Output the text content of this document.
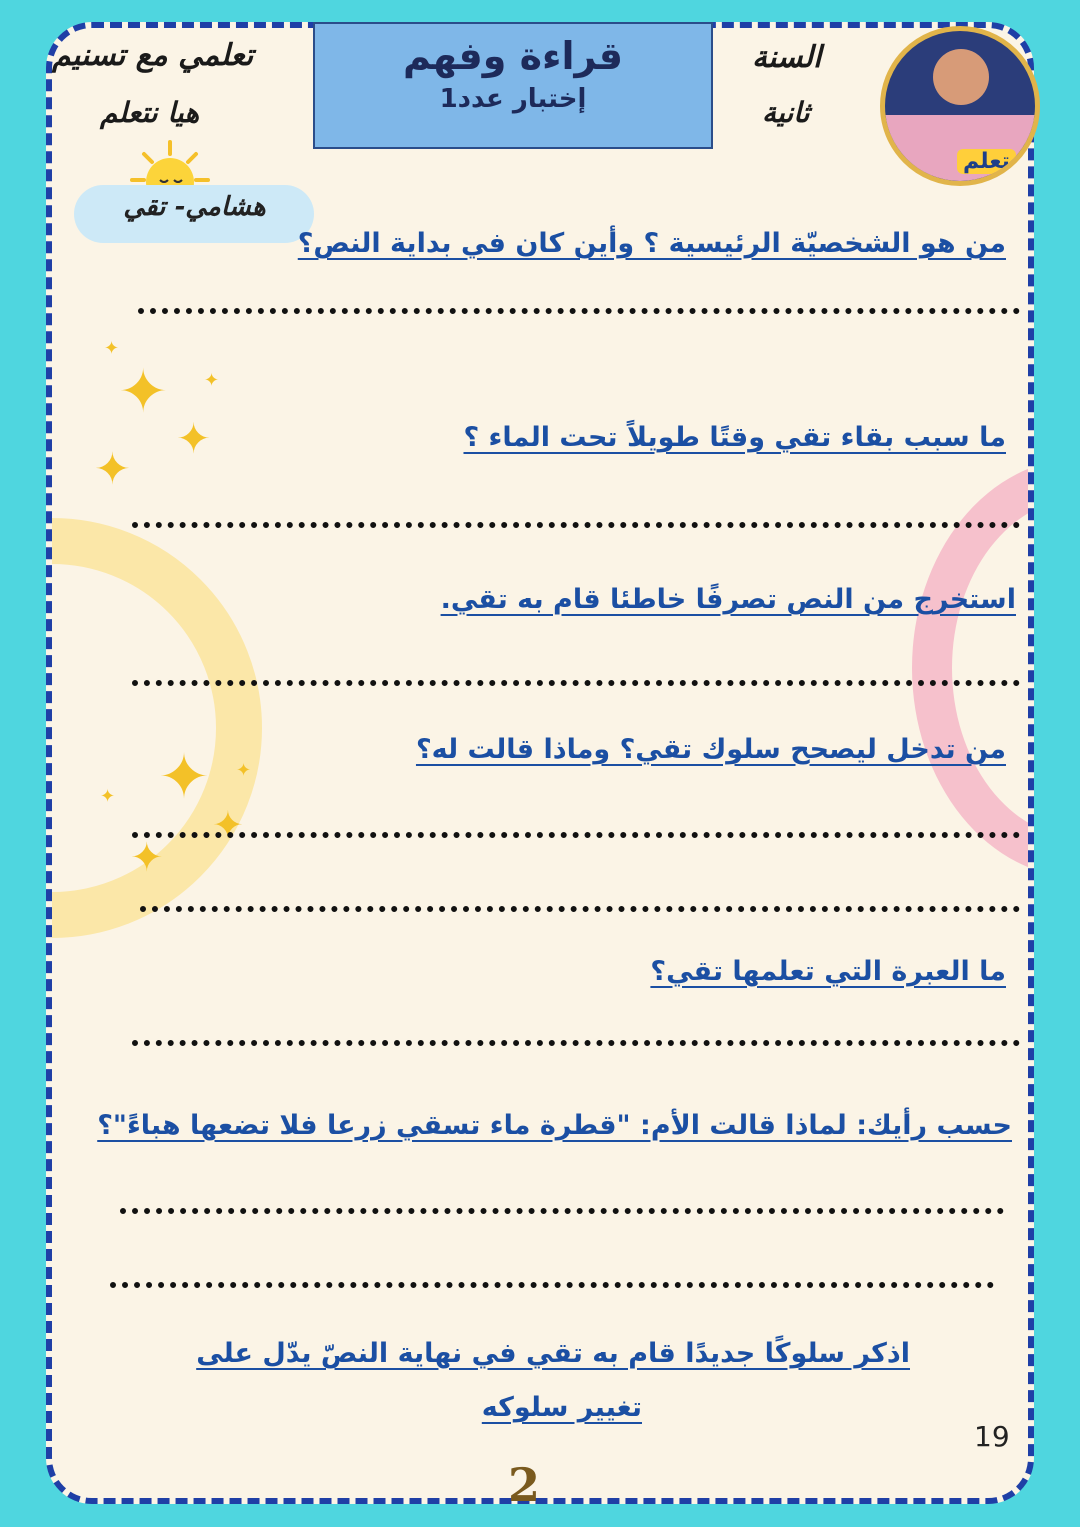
قراءة وفهم
إختبار عدد1
تعلمي مع تسنيم
هيا نتعلم
السنة
ثانية
تعلم
هشامي- تقي
✦
✦
✦
✦
✦
✦
✦
✦
✦
✦
من هو الشخصيّة الرئيسية ؟ وأين كان في بداية النص؟
ما سبب بقاء تقي وقتًا طويلاً تحت الماء ؟
استخرج من النص تصرفًا خاطئا قام به تقي.
من تدخل ليصحح سلوك تقي؟ وماذا قالت له؟
ما العبرة التي تعلمها تقي؟
حسب رأيك: لماذا قالت الأم: "قطرة ماء تسقي زرعا فلا تضعها هباءً"؟
اذكر سلوكًا جديدًا قام به تقي في نهاية النصّ يدّل على
تغيير سلوكه
19
2
